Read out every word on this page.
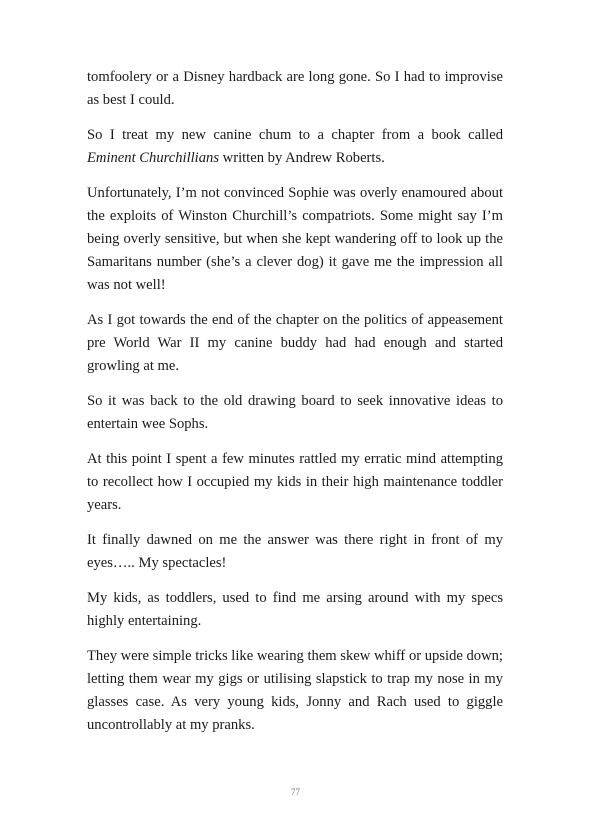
tomfoolery or a Disney hardback are long gone. So I had to improvise as best I could.

So I treat my new canine chum to a chapter from a book called Eminent Churchillians written by Andrew Roberts.

Unfortunately, I’m not convinced Sophie was overly enamoured about the exploits of Winston Churchill’s compatriots. Some might say I’m being overly sensitive, but when she kept wandering off to look up the Samaritans number (she’s a clever dog) it gave me the impression all was not well!

As I got towards the end of the chapter on the politics of appeasement pre World War II my canine buddy had had enough and started growling at me.

So it was back to the old drawing board to seek innovative ideas to entertain wee Sophs.

At this point I spent a few minutes rattled my erratic mind attempting to recollect how I occupied my kids in their high maintenance toddler years.

It finally dawned on me the answer was there right in front of my eyes….. My spectacles!

My kids, as toddlers, used to find me arsing around with my specs highly entertaining.

They were simple tricks like wearing them skew whiff or upside down; letting them wear my gigs or utilising slapstick to trap my nose in my glasses case. As very young kids, Jonny and Rach used to giggle uncontrollably at my pranks.

77
